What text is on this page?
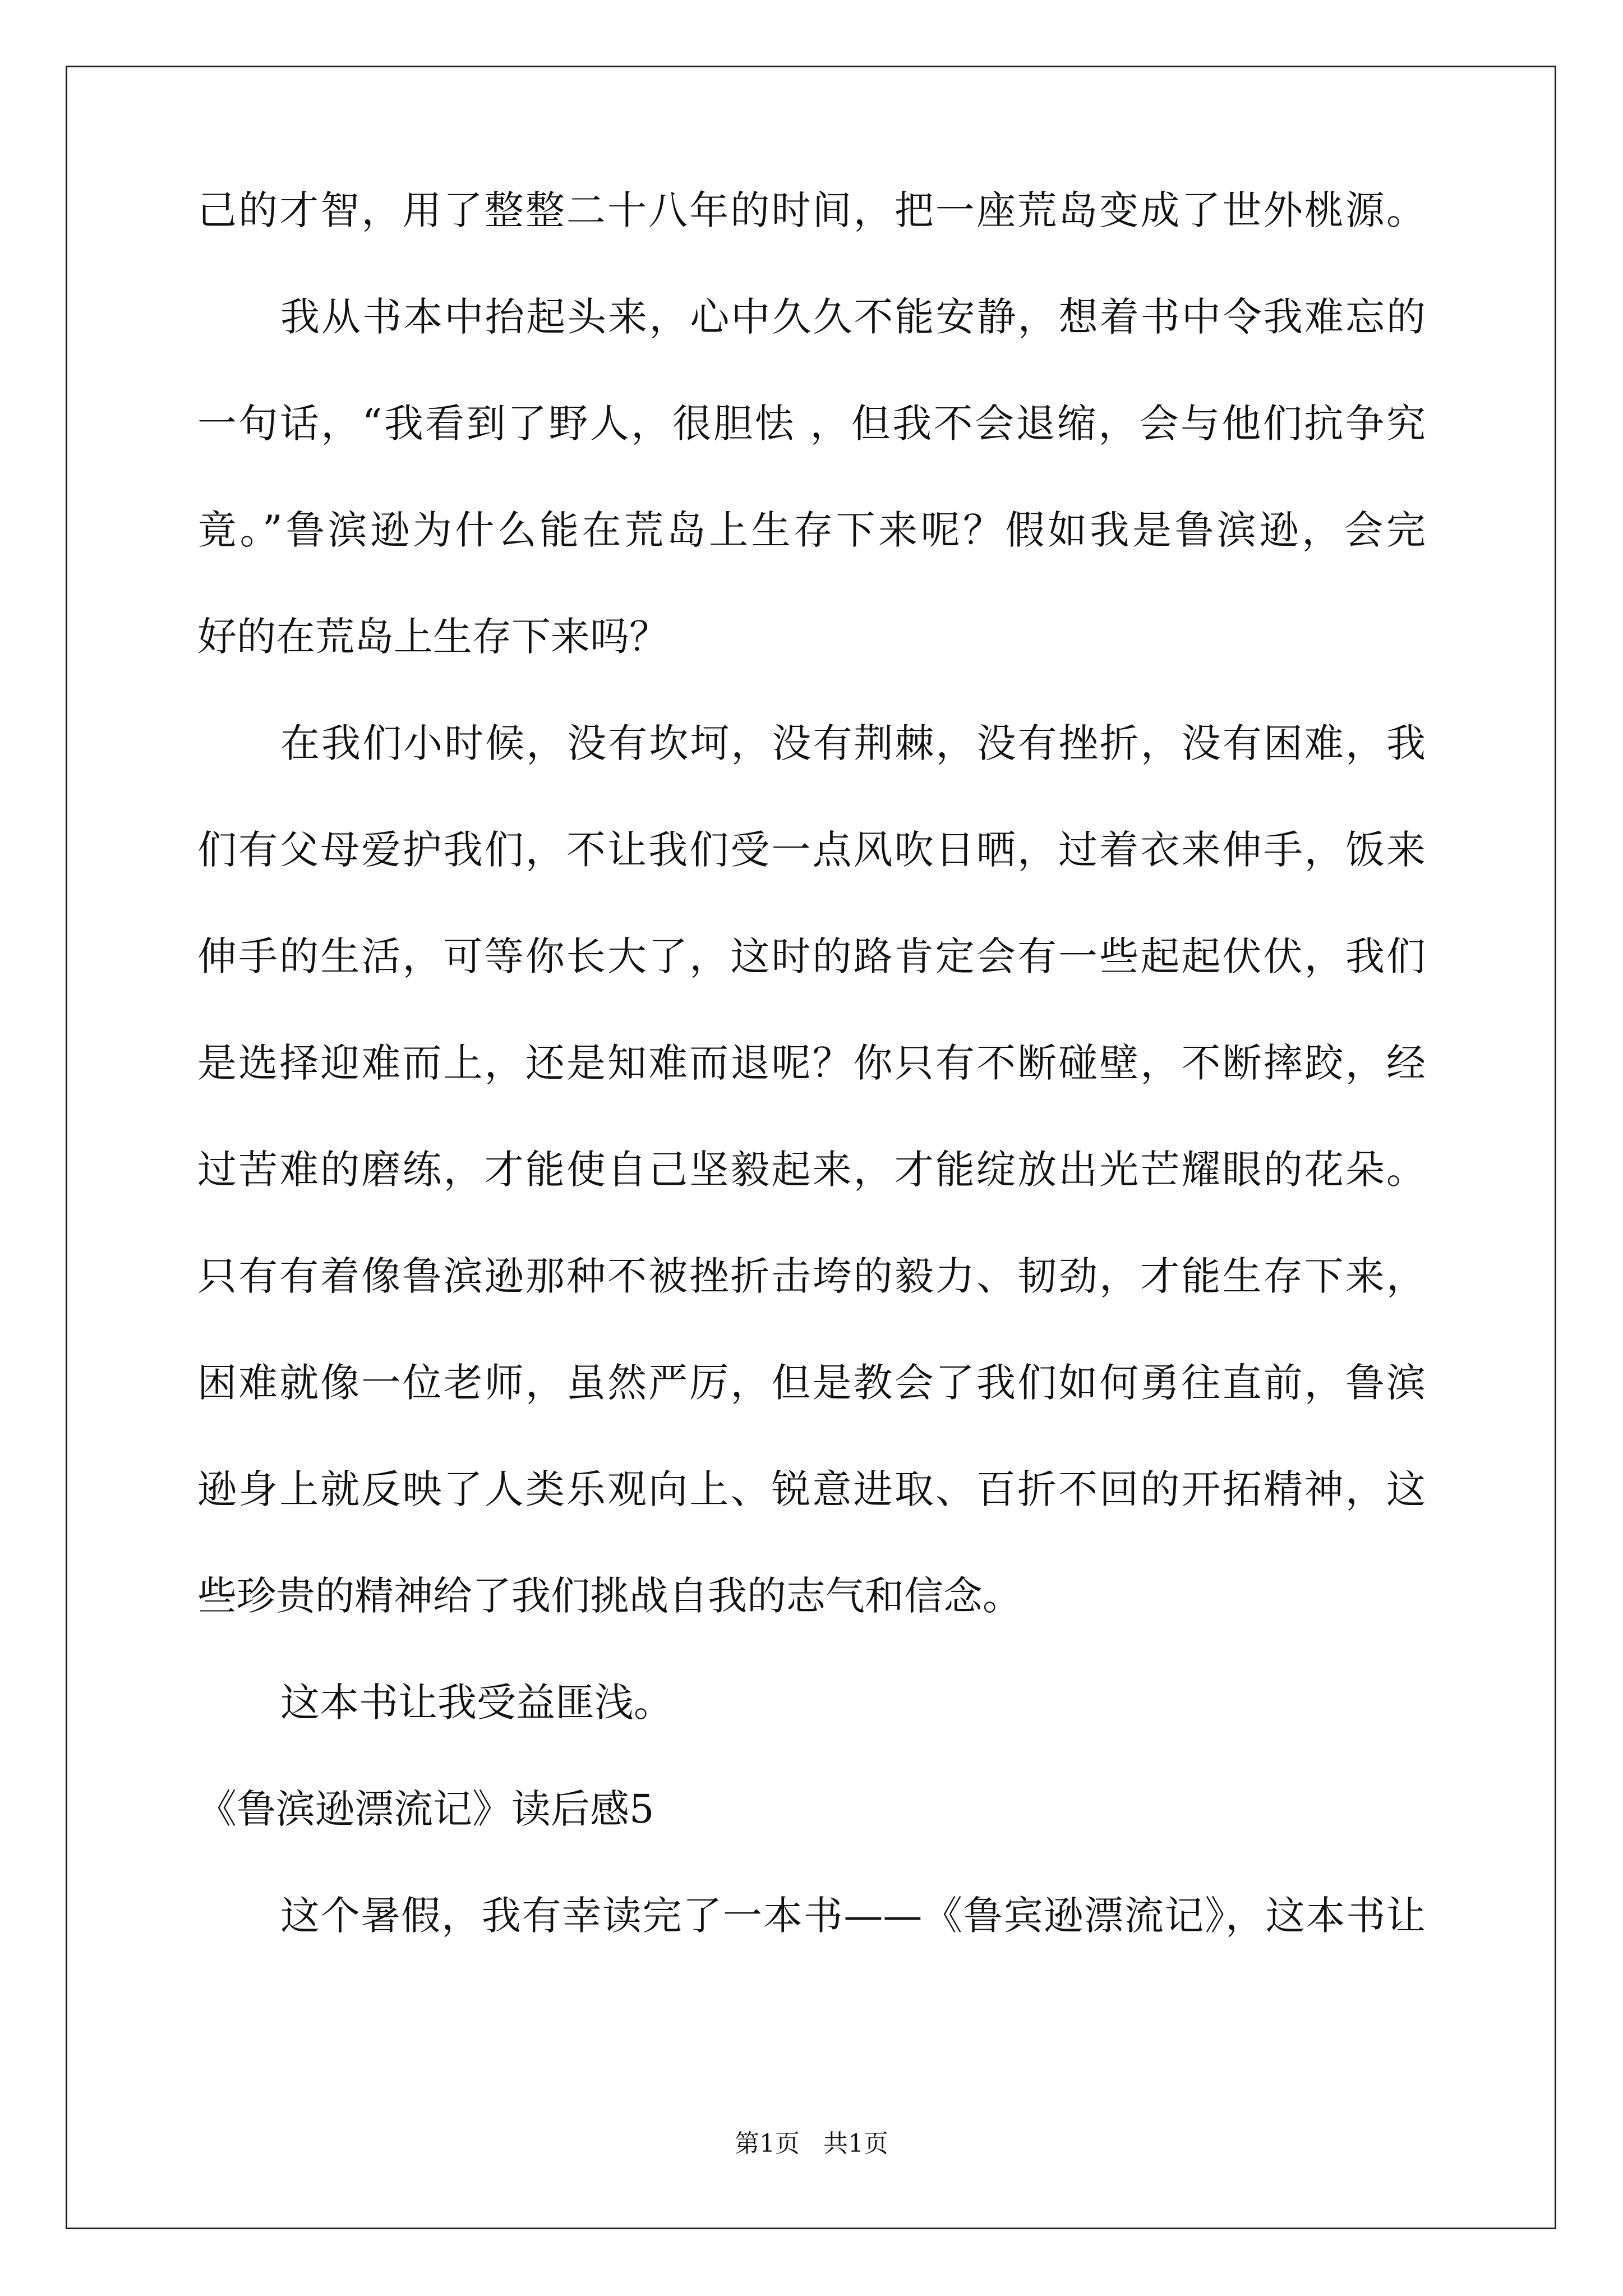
己的才智，用了整整二十八年的时间，把一座荒岛变成了世外桃源。
我从书本中抬起头来，心中久久不能安静，想着书中令我难忘的
一句话，“我看到了野人，很胆怯 ，但我不会退缩，会与他们抗争究
竟。”鲁滨逊为什么能在荒岛上生存下来呢？假如我是鲁滨逊，会完
好的在荒岛上生存下来吗？
在我们小时候，没有坎坷，没有荆棘，没有挫折，没有困难，我
们有父母爱护我们，不让我们受一点风吹日晒，过着衣来伸手，饭来
伸手的生活，可等你长大了，这时的路肯定会有一些起起伏伏，我们
是选择迎难而上，还是知难而退呢？你只有不断碰壁，不断摔跤，经
过苦难的磨练，才能使自己坚毅起来，才能绽放出光芒耀眼的花朵。
只有有着像鲁滨逊那种不被挫折击垮的毅力、韧劲，才能生存下来，
困难就像一位老师，虽然严厉，但是教会了我们如何勇往直前，鲁滨
逊身上就反映了人类乐观向上、锐意进取、百折不回的开拓精神，这
些珍贵的精神给了我们挑战自我的志气和信念。
这本书让我受益匪浅。
《鲁滨逊漂流记》读后感5
这个暑假，我有幸读完了一本书——《鲁宾逊漂流记》，这本书让
第1页   共1页
